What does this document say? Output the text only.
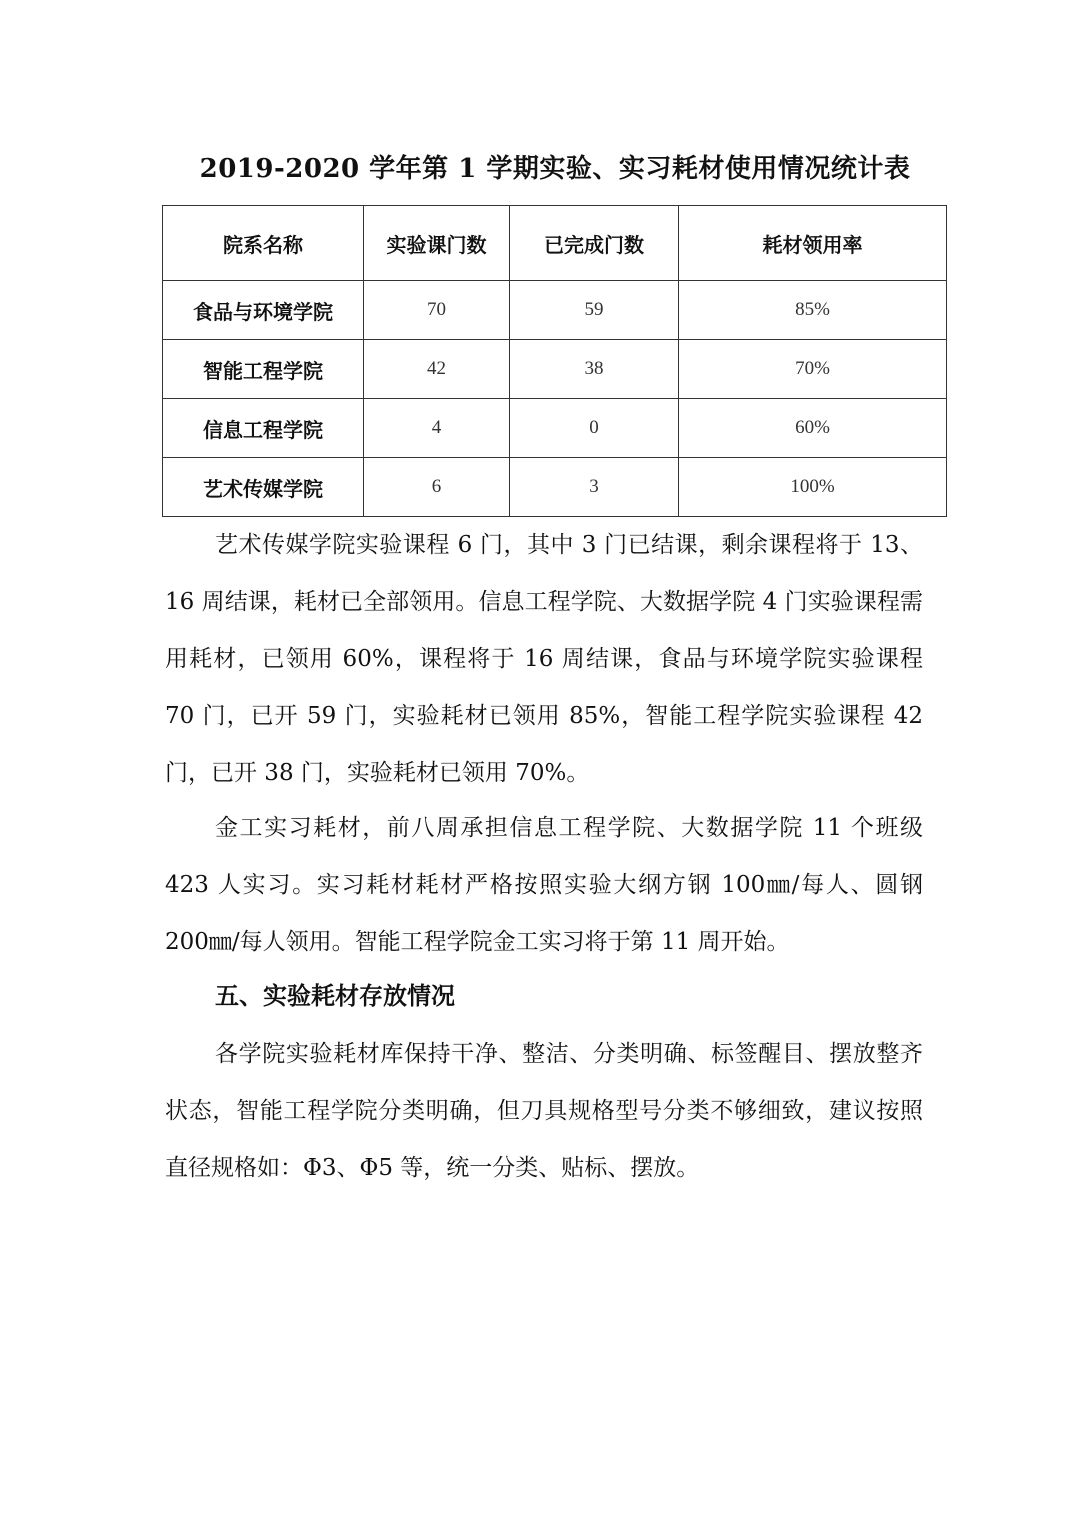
2019-2020 学年第 1 学期实验、实习耗材使用情况统计表
院系名称	实验课门数	已完成门数	耗材领用率
食品与环境学院	70	59	85%
智能工程学院	42	38	70%
信息工程学院	4	0	60%
艺术传媒学院	6	3	100%

艺术传媒学院实验课程 6 门，其中 3 门已结课，剩余课程将于 13、16 周结课，耗材已全部领用。信息工程学院、大数据学院 4 门实验课程需用耗材，已领用 60%，课程将于 16 周结课，食品与环境学院实验课程 70 门，已开 59 门，实验耗材已领用 85%，智能工程学院实验课程 42 门，已开 38 门，实验耗材已领用 70%。

金工实习耗材，前八周承担信息工程学院、大数据学院 11 个班级 423 人实习。实习耗材耗材严格按照实验大纲方钢 100㎜/每人、圆钢 200㎜/每人领用。智能工程学院金工实习将于第 11 周开始。

五、实验耗材存放情况

各学院实验耗材库保持干净、整洁、分类明确、标签醒目、摆放整齐状态，智能工程学院分类明确，但刀具规格型号分类不够细致，建议按照直径规格如：Φ3、Φ5 等，统一分类、贴标、摆放。
